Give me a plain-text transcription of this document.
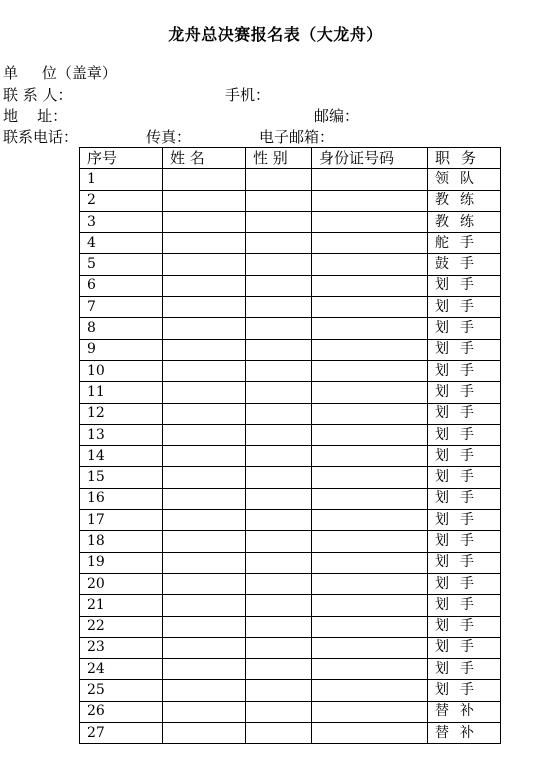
龙舟总决赛报名表（大龙舟）
单     位（盖章）
联 系 人：	手机：
地    址：	邮编：
联系电话：	传真：	电子邮箱：
序号	姓 名	性 别	身份证号码	职务
1				领队
2				教练
3				教练
4				舵手
5				鼓手
6				划手
7				划手
8				划手
9				划手
10				划手
11				划手
12				划手
13				划手
14				划手
15				划手
16				划手
17				划手
18				划手
19				划手
20				划手
21				划手
22				划手
23				划手
24				划手
25				划手
26				替补
27				替补
